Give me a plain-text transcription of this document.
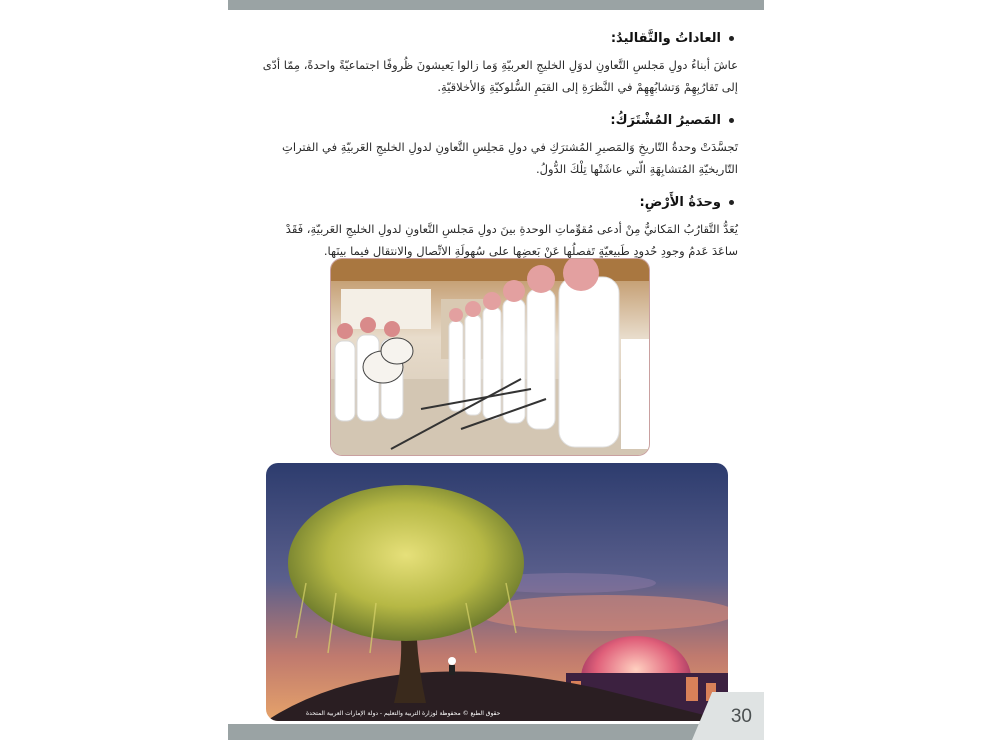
العاداتُ والتَّقاليدُ:
عاشَ أبناءُ دولِ مَجلسِ التَّعاونِ لدوَلِ الخليجِ العربيّةِ وَما زالوا يَعيشونَ ظُروفًا اجتماعيّةً واحدةً، مِمّا أدّى إلى تَقارُبِهِمْ وَتشابُهِهِمْ في النَّظرَةِ إلى القيَمِ السُّلوكيّةِ وَالأخلاقيّةِ.
المَصيرُ المُشْتَرَكُ:
تَجسَّدَتْ وحدةُ التّاريخِ وَالمَصيرِ المُشترَكِ في دولِ مَجلِسِ التَّعاونِ لدولِ الخليجِ العَربيّةِ في الفتراتِ التّاريخيّةِ المُتشابِهَةِ الّتي عاشَتْها تِلْكَ الدُّولُ.
وحدَةُ الأَرْضِ:
يُعَدُّ التَّقارُبُ المَكانيُّ مِنْ أدعى مُقوِّماتِ الوحدةِ بينَ دولِ مَجلسِ التَّعاونِ لدولِ الخليجِ العَربيّةِ، فَقَدْ ساعَدَ عَدمُ وجودِ حُدودٍ طَبيعيّةٍ تَفصلُها عَنْ بَعضِها على سُهولَةِ الاتِّصالِ والانتقالِ فيما بينَها.
حقوق الطبع © محفوظة لوزارة التربية والتعليم - دولة الإمارات العربية المتحدة	30
